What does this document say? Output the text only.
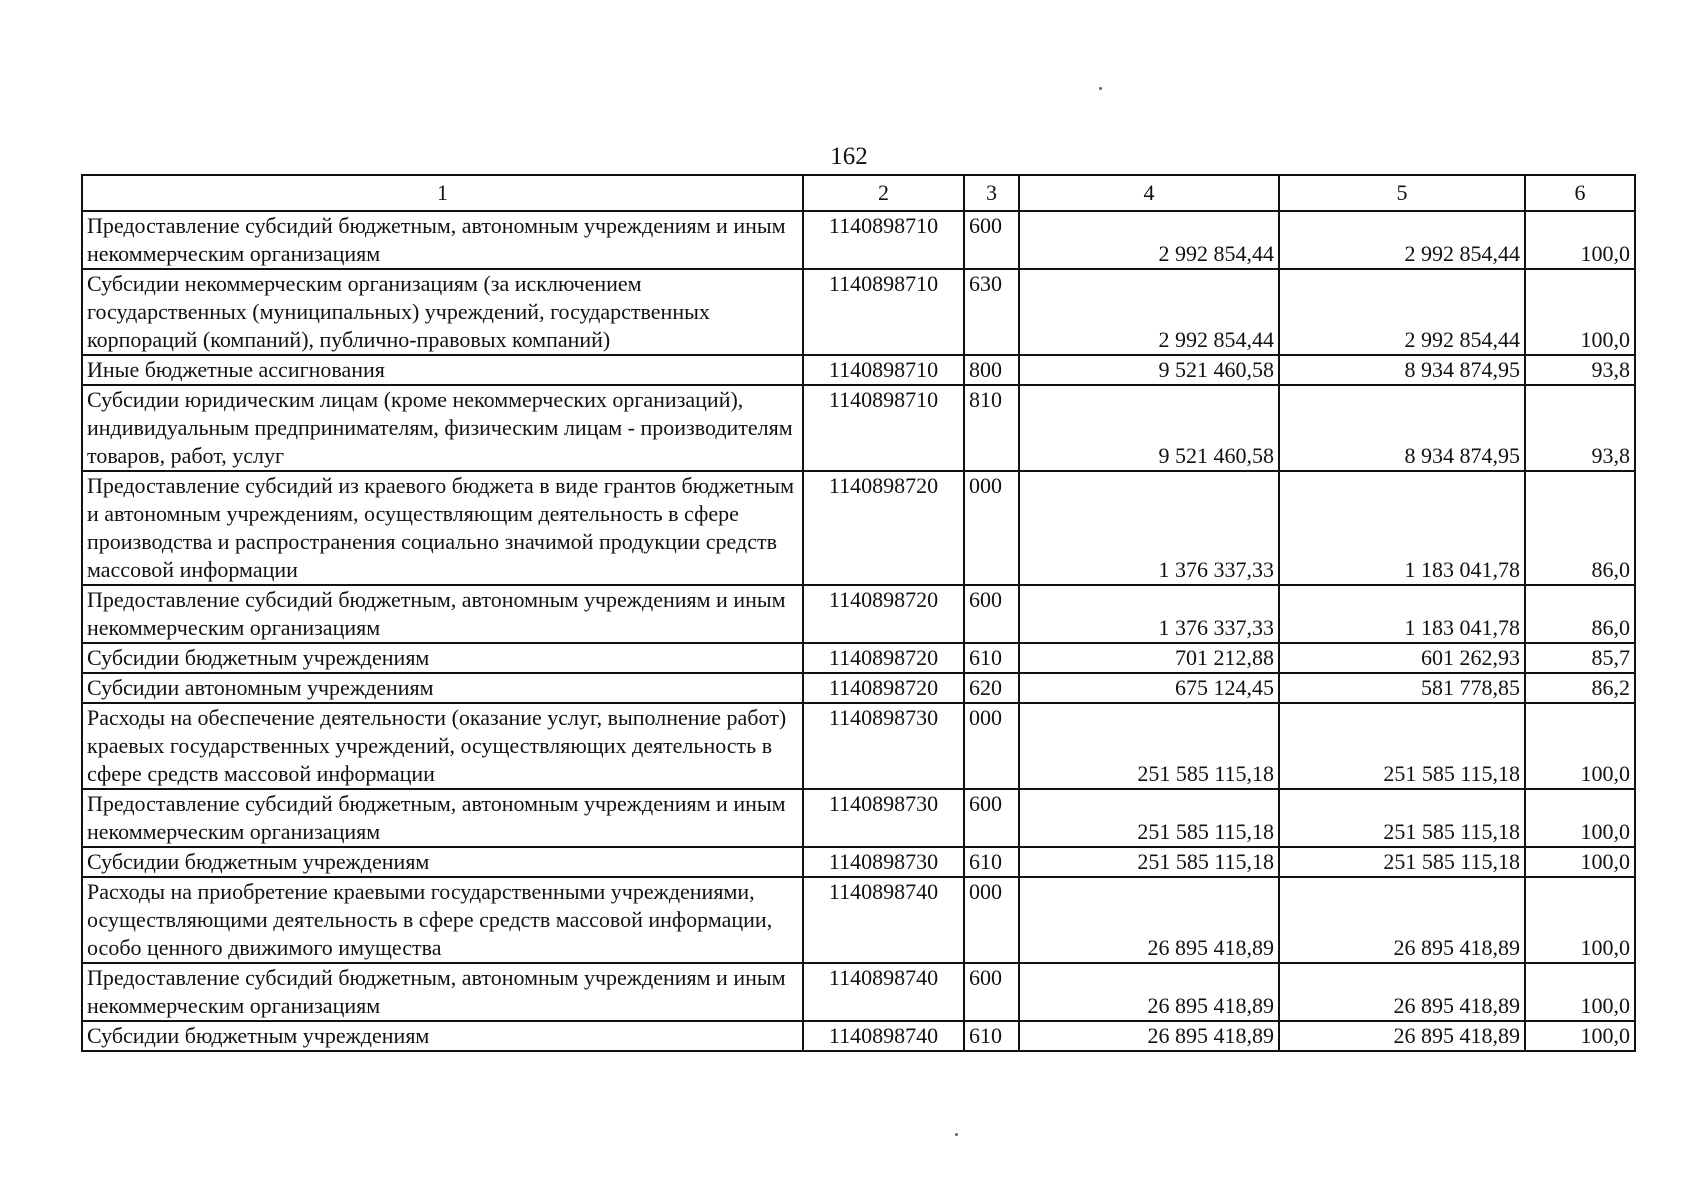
162
1	2	3	4	5	6
Предоставление субсидий бюджетным, автономным учреждениям и иным некоммерческим организациям	1140898710	600	2 992 854,44	2 992 854,44	100,0
Субсидии некоммерческим организациям (за исключением государственных (муниципальных) учреждений, государственных корпораций (компаний), публично-правовых компаний)	1140898710	630	2 992 854,44	2 992 854,44	100,0
Иные бюджетные ассигнования	1140898710	800	9 521 460,58	8 934 874,95	93,8
Субсидии юридическим лицам (кроме некоммерческих организаций), индивидуальным предпринимателям, физическим лицам - производителям товаров, работ, услуг	1140898710	810	9 521 460,58	8 934 874,95	93,8
Предоставление субсидий из краевого бюджета в виде грантов бюджетным и автономным учреждениям, осуществляющим деятельность в сфере производства и распространения социально значимой продукции средств массовой информации	1140898720	000	1 376 337,33	1 183 041,78	86,0
Предоставление субсидий бюджетным, автономным учреждениям и иным некоммерческим организациям	1140898720	600	1 376 337,33	1 183 041,78	86,0
Субсидии бюджетным учреждениям	1140898720	610	701 212,88	601 262,93	85,7
Субсидии автономным учреждениям	1140898720	620	675 124,45	581 778,85	86,2
Расходы на обеспечение деятельности (оказание услуг, выполнение работ) краевых государственных учреждений, осуществляющих деятельность в сфере средств массовой информации	1140898730	000	251 585 115,18	251 585 115,18	100,0
Предоставление субсидий бюджетным, автономным учреждениям и иным некоммерческим организациям	1140898730	600	251 585 115,18	251 585 115,18	100,0
Субсидии бюджетным учреждениям	1140898730	610	251 585 115,18	251 585 115,18	100,0
Расходы на приобретение краевыми государственными учреждениями, осуществляющими деятельность в сфере средств массовой информации, особо ценного движимого имущества	1140898740	000	26 895 418,89	26 895 418,89	100,0
Предоставление субсидий бюджетным, автономным учреждениям и иным некоммерческим организациям	1140898740	600	26 895 418,89	26 895 418,89	100,0
Субсидии бюджетным учреждениям	1140898740	610	26 895 418,89	26 895 418,89	100,0
